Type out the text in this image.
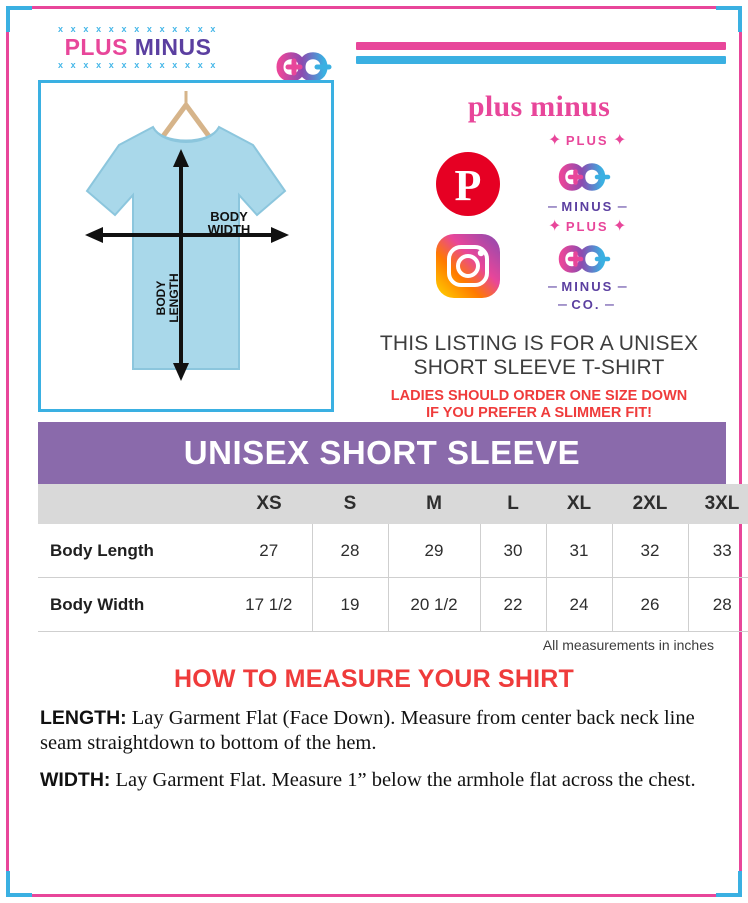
x x x x x x x x x x x x x
PLUS MINUS
x x x x x x x x x x x x x
BODY
WIDTH
BODY LENGTH
plus minus
✦ PLUS ✦
P	– MINUS –
✦ PLUS ✦
– MINUS –
– CO. –
THIS LISTING IS FOR A UNISEX
SHORT SLEEVE T-SHIRT
LADIES SHOULD ORDER ONE SIZE DOWN
IF YOU PREFER A SLIMMER FIT!
UNISEX SHORT SLEEVE
	XS	S	M	L	XL	2XL	3XL
Body Length	27	28	29	30	31	32	33
Body Width	17 1/2	19	20 1/2	22	24	26	28
All measurements in inches
HOW TO MEASURE YOUR SHIRT
LENGTH: Lay Garment Flat (Face Down). Measure from center back neck line seam straightdown to bottom of the hem.
WIDTH: Lay Garment Flat. Measure 1” below the armhole flat across the chest.
